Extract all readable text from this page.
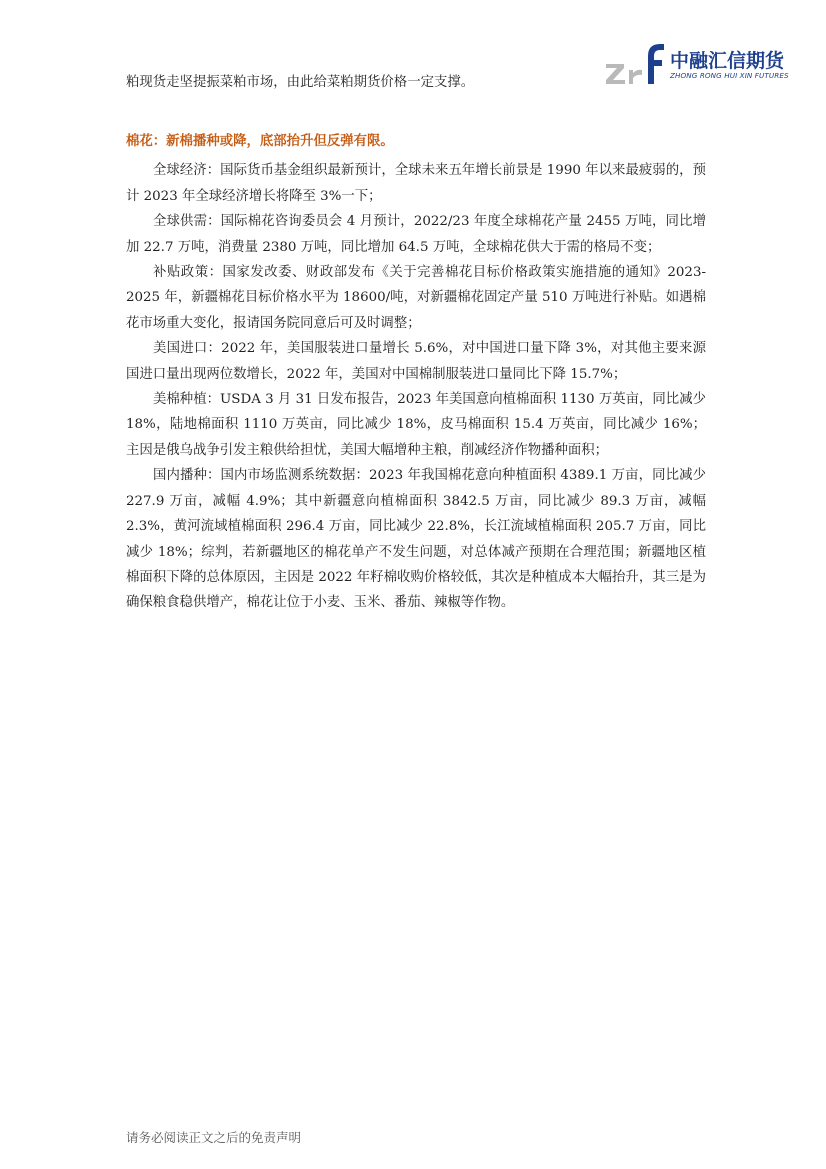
中融汇信期货
ZHONG RONG HUI XIN FUTURES

粕现货走坚提振菜粕市场，由此给菜粕期货价格一定支撑。

棉花：新棉播种或降，底部抬升但反弹有限。

全球经济：国际货币基金组织最新预计，全球未来五年增长前景是 1990 年以来最疲弱的，预计 2023 年全球经济增长将降至 3%一下；

全球供需：国际棉花咨询委员会 4 月预计，2022/23 年度全球棉花产量 2455 万吨，同比增加 22.7 万吨，消费量 2380 万吨，同比增加 64.5 万吨，全球棉花供大于需的格局不变；

补贴政策：国家发改委、财政部发布《关于完善棉花目标价格政策实施措施的通知》2023-2025 年，新疆棉花目标价格水平为 18600/吨，对新疆棉花固定产量 510 万吨进行补贴。如遇棉花市场重大变化，报请国务院同意后可及时调整；

美国进口：2022 年，美国服装进口量增长 5.6%，对中国进口量下降 3%，对其他主要来源国进口量出现两位数增长，2022 年，美国对中国棉制服装进口量同比下降 15.7%；

美棉种植：USDA 3 月 31 日发布报告，2023 年美国意向植棉面积 1130 万英亩，同比减少 18%，陆地棉面积 1110 万英亩，同比减少 18%，皮马棉面积 15.4 万英亩，同比减少 16%；主因是俄乌战争引发主粮供给担忧，美国大幅增种主粮，削减经济作物播种面积；

国内播种：国内市场监测系统数据：2023 年我国棉花意向种植面积 4389.1 万亩，同比减少 227.9 万亩，减幅 4.9%；其中新疆意向植棉面积 3842.5 万亩，同比减少 89.3 万亩，减幅 2.3%，黄河流域植棉面积 296.4 万亩，同比减少 22.8%，长江流域植棉面积 205.7 万亩，同比减少 18%；综判，若新疆地区的棉花单产不发生问题，对总体减产预期在合理范围；新疆地区植棉面积下降的总体原因，主因是 2022 年籽棉收购价格较低，其次是种植成本大幅抬升，其三是为确保粮食稳供增产，棉花让位于小麦、玉米、番茄、辣椒等作物。

请务必阅读正文之后的免责声明
